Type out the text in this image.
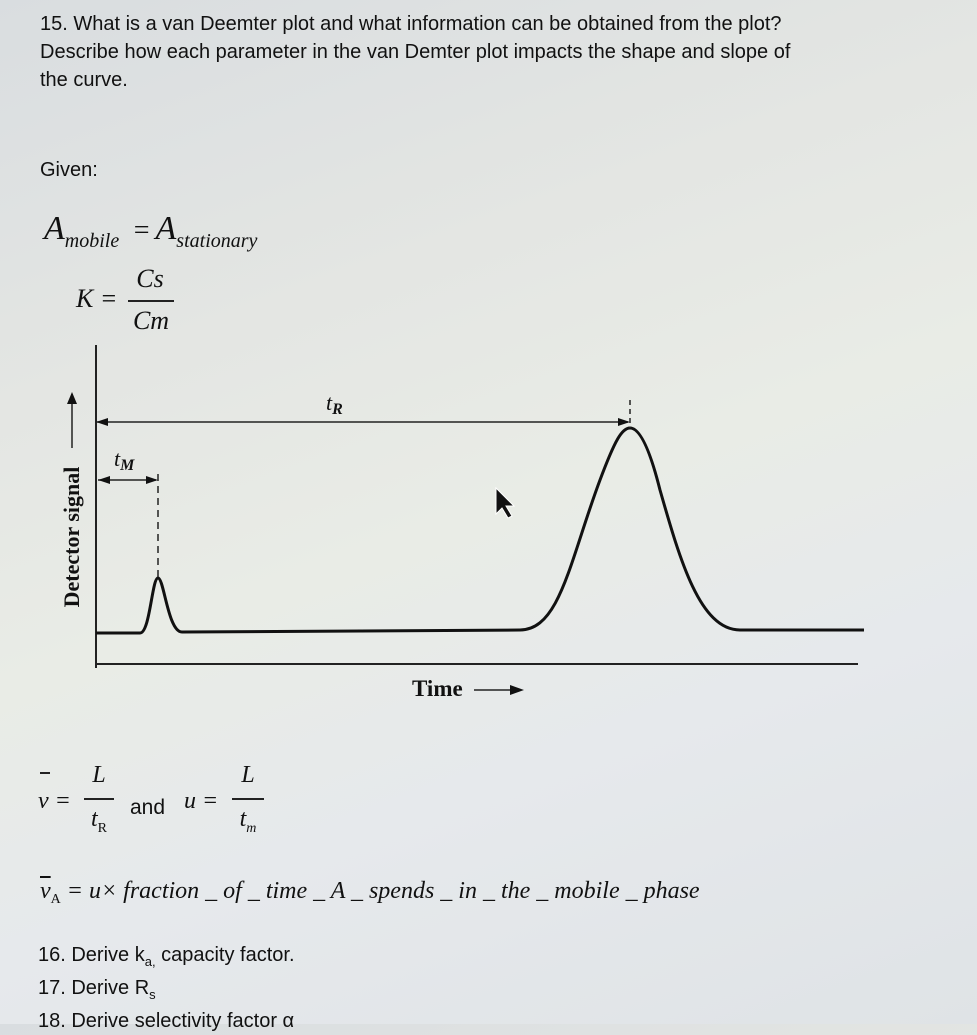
15. What is a van Deemter plot and what information can be obtained from the plot?
Describe how each parameter in the van Demter plot impacts the shape and slope of
the curve.
Given:
$A_{mobile} = A_{stationary}$
K =
Cs
Cm
tR
tM
Detector signal
Time
v =
L
$t_R$
and u =
L
$t_m$
$\overline{v}_A = u\times$ fraction _ of _ time _ A _ spends _ in _ the _ mobile _ phase
16. Derive $k_{a,}$ capacity factor.
17. Derive $R_s$
18. Derive selectivity factor α
